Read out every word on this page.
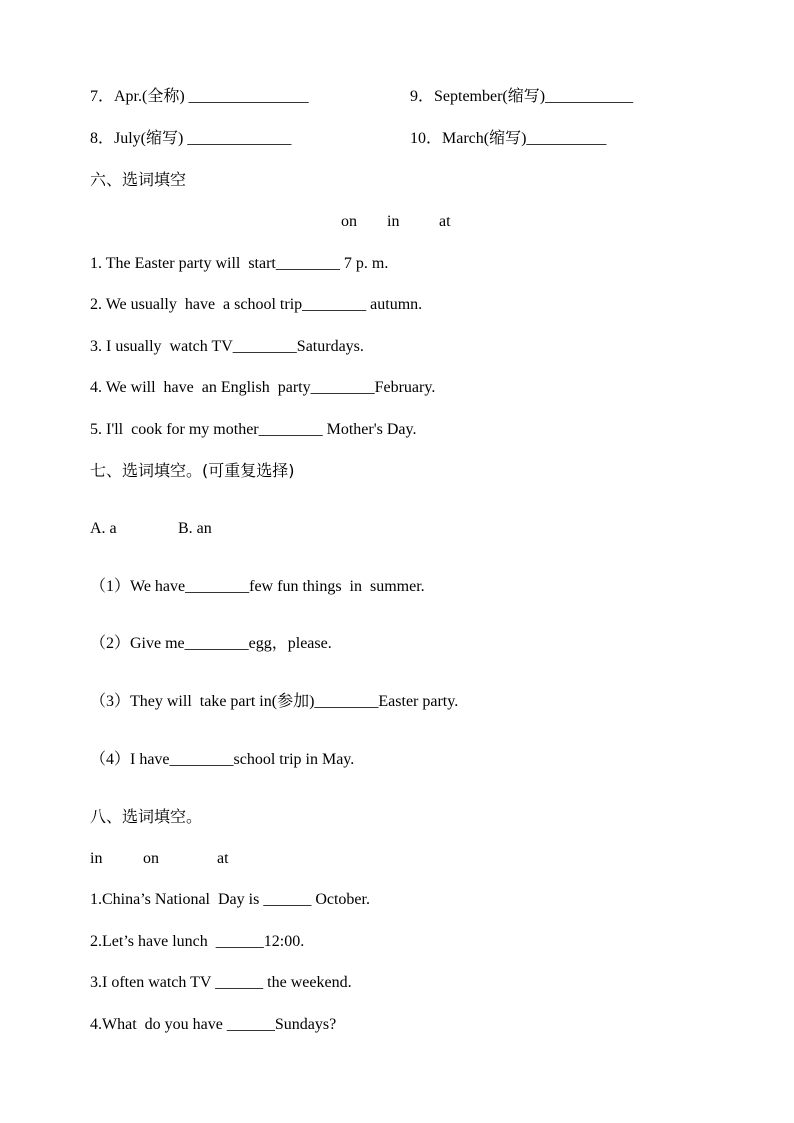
7．Apr.(全称) _______________	9．September(缩写)___________
8．July(缩写) _____________	10．March(缩写)__________
六、选词填空
on in at
1. The Easter party will  start________ 7 p. m.
2. We usually  have  a school trip________ autumn.
3. I usually  watch TV________Saturdays.
4. We will  have  an English  party________February.
5. I'll  cook for my mother________ Mother's Day.
七、选词填空。(可重复选择)
A. a	B. an
（1）We have________few fun things  in  summer.
（2）Give me________egg，please.
（3）They will  take part in(参加)________Easter party.
（4）I have________school trip in May.
八、选词填空。
in	on	at
1.China’s National  Day is ______ October.
2.Let’s have lunch  ______12:00.
3.I often watch TV ______ the weekend.
4.What  do you have ______Sundays?
